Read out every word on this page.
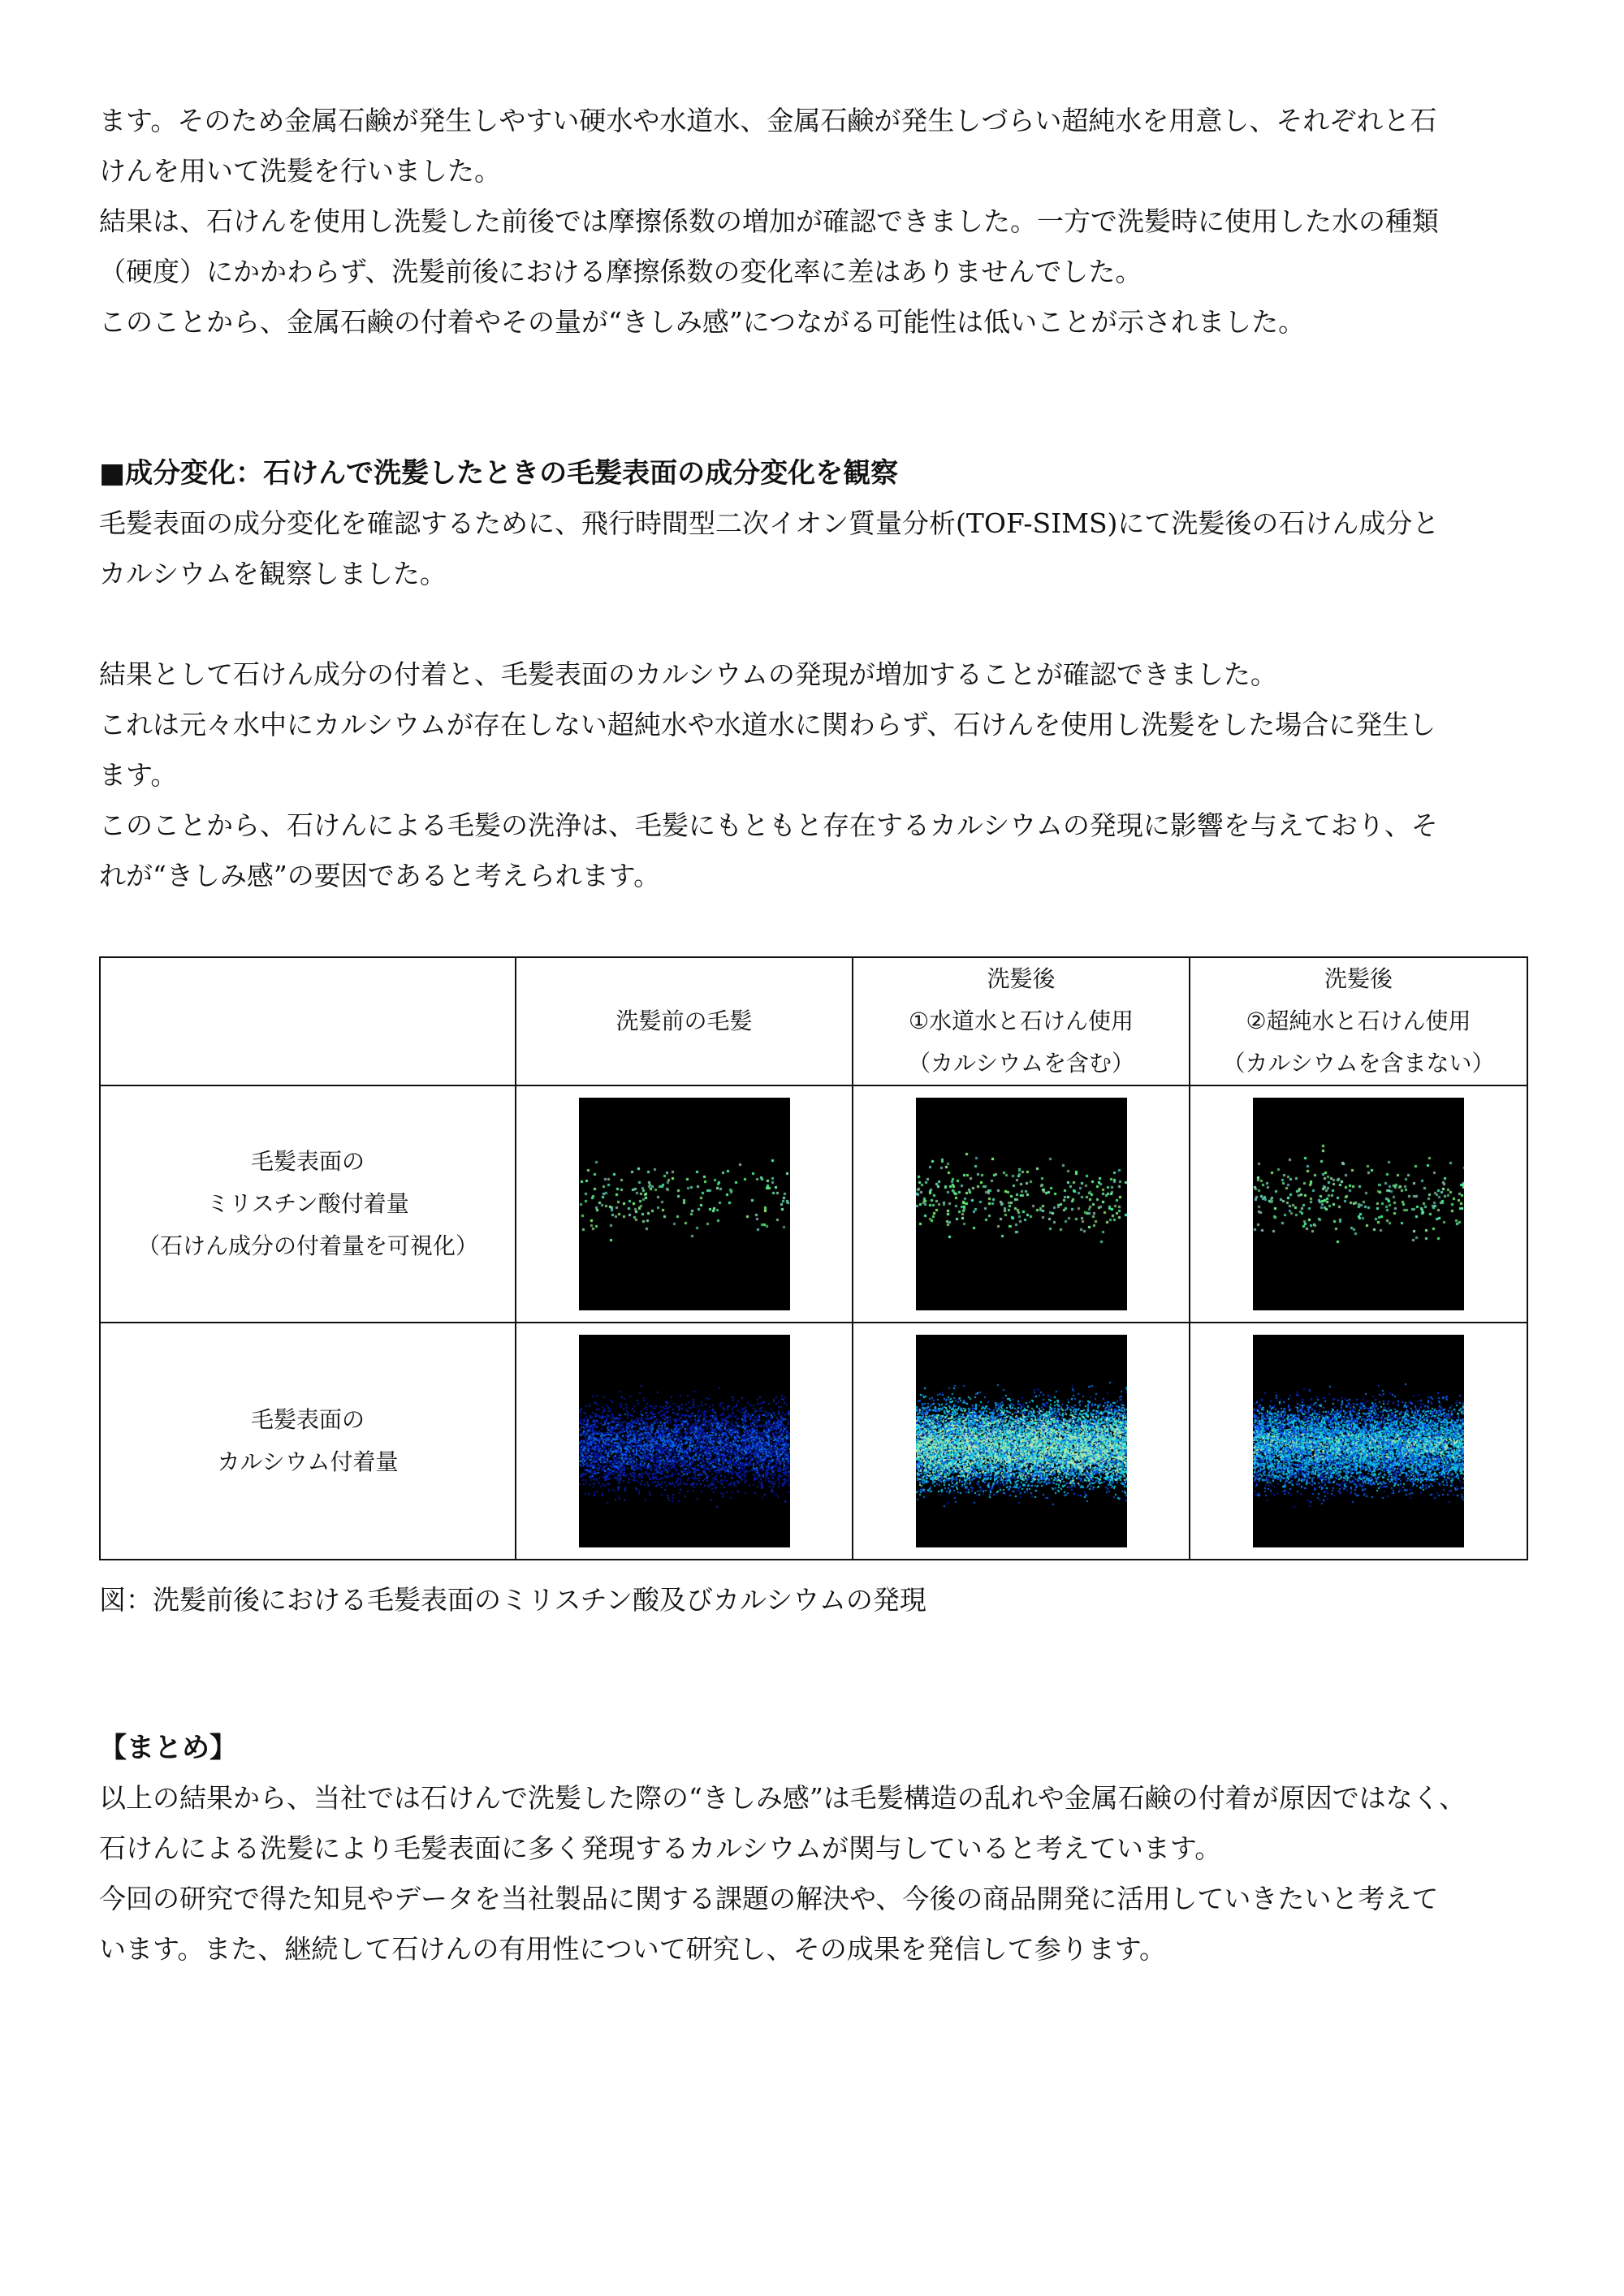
ます。そのため金属石鹸が発生しやすい硬水や水道水、金属石鹸が発生しづらい超純水を用意し、それぞれと石

けんを用いて洗髪を行いました。

結果は、石けんを使用し洗髪した前後では摩擦係数の増加が確認できました。一方で洗髪時に使用した水の種類

（硬度）にかかわらず、洗髪前後における摩擦係数の変化率に差はありませんでした。

このことから、金属石鹸の付着やその量が“きしみ感”につながる可能性は低いことが示されました。

■成分変化：石けんで洗髪したときの毛髪表面の成分変化を観察

毛髪表面の成分変化を確認するために、飛行時間型二次イオン質量分析(TOF-SIMS)にて洗髪後の石けん成分と

カルシウムを観察しました。

結果として石けん成分の付着と、毛髪表面のカルシウムの発現が増加することが確認できました。

これは元々水中にカルシウムが存在しない超純水や水道水に関わらず、石けんを使用し洗髪をした場合に発生し

ます。

このことから、石けんによる毛髪の洗浄は、毛髪にもともと存在するカルシウムの発現に影響を与えており、そ

れが“きしみ感”の要因であると考えられます。

	洗髪前の毛髪	洗髪後
①水道水と石けん使用
（カルシウムを含む）	洗髪後
②超純水と石けん使用
（カルシウムを含まない）

毛髪表面の
ミリスチン酸付着量
（石けん成分の付着量を可視化）

毛髪表面の
カルシウム付着量

図：洗髪前後における毛髪表面のミリスチン酸及びカルシウムの発現

【まとめ】

以上の結果から、当社では石けんで洗髪した際の“きしみ感”は毛髪構造の乱れや金属石鹸の付着が原因ではなく、

石けんによる洗髪により毛髪表面に多く発現するカルシウムが関与していると考えています。

今回の研究で得た知見やデータを当社製品に関する課題の解決や、今後の商品開発に活用していきたいと考えて

います。また、継続して石けんの有用性について研究し、その成果を発信して参ります。
